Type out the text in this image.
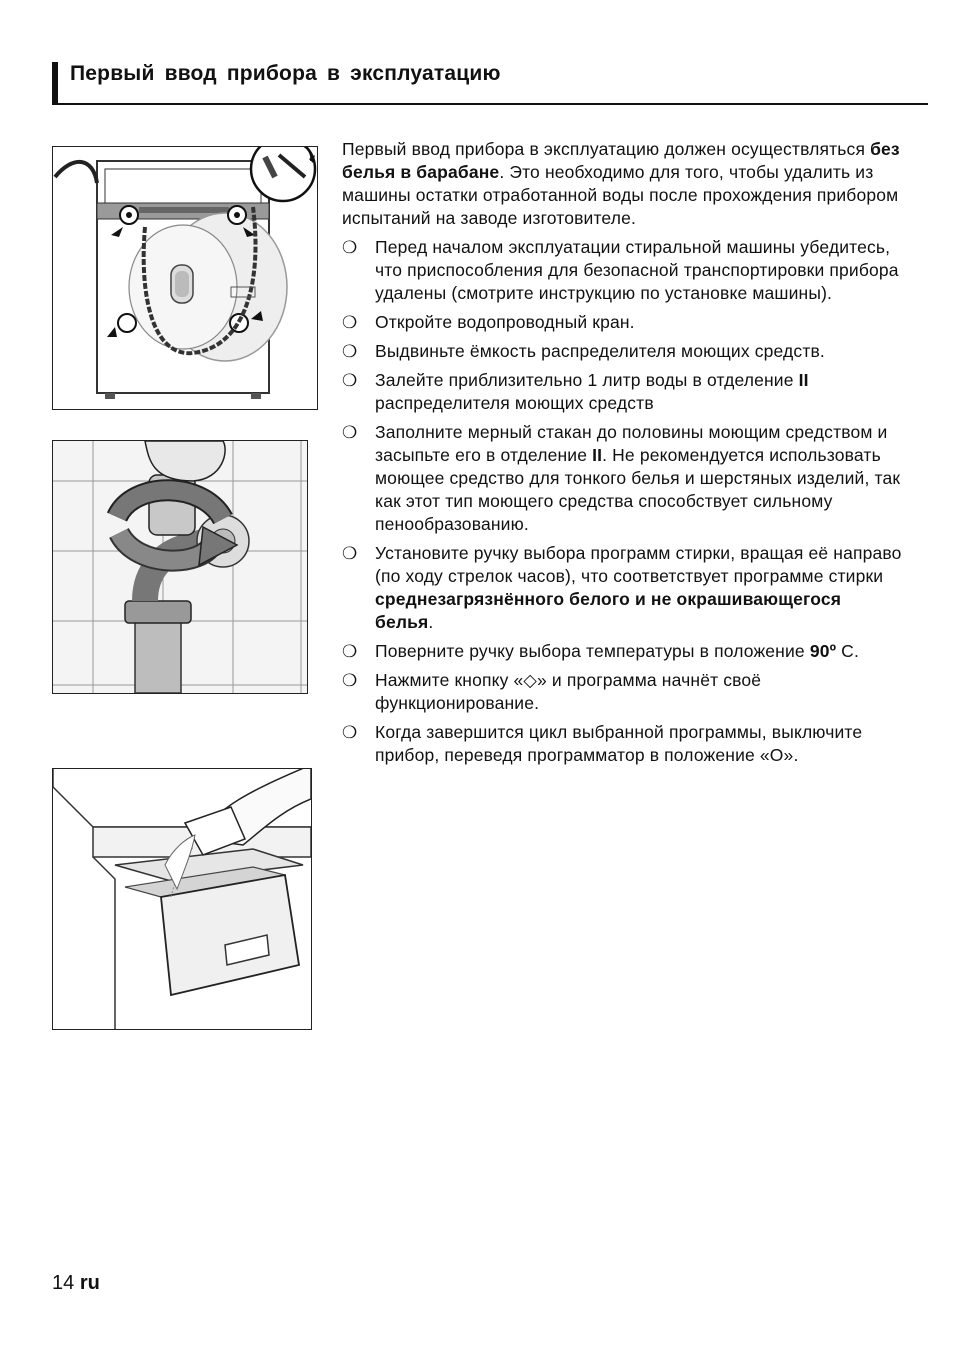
Первый ввод прибора в эксплуатацию

Первый ввод прибора в эксплуатацию должен осуществляться без белья в барабане. Это необходимо для того, чтобы удалить из машины остатки отработанной воды после прохождения прибором испытаний на заводе изготовителе.

❍ Перед началом эксплуатации стиральной машины убедитесь, что приспособления для безопасной транспортировки прибора удалены (смотрите инструкцию по установке машины).
❍ Откройте водопроводный кран.
❍ Выдвиньте ёмкость распределителя моющих средств.
❍ Залейте приблизительно 1 литр воды в отделение II распределителя моющих средств
❍ Заполните мерный стакан до половины моющим средством и засыпьте его в отделение II. Не рекомендуется использовать моющее средство для тонкого белья и шерстяных изделий, так как этот тип моющего средства способствует сильному пенообразованию.
❍ Установите ручку выбора программ стирки, вращая её направо (по ходу стрелок часов), что соответствует программе стирки среднезагрязнённого белого и не окрашивающегося белья.
❍ Поверните ручку выбора температуры в положение 90º С.
❍ Нажмите кнопку «◇» и программа начнёт своё функционирование.
❍ Когда завершится цикл выбранной программы, выключите прибор, переведя программатор в положение «О».
14 ru
